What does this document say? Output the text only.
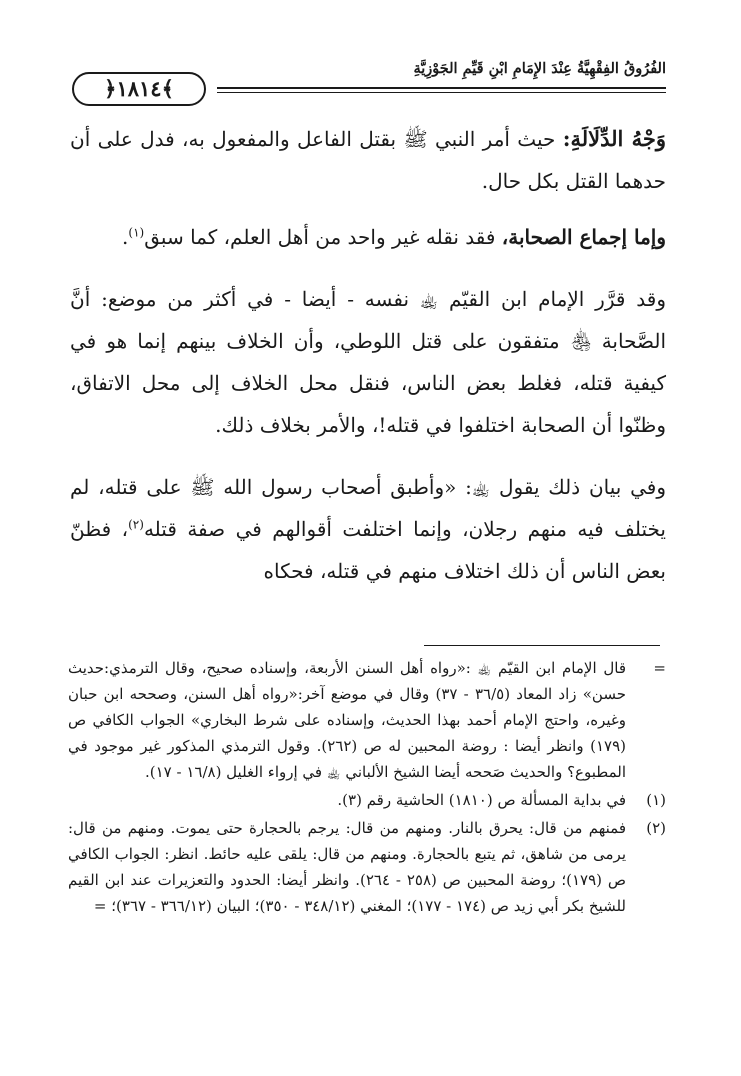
الفُرُوقُ الفِقْهِيَّةُ عِنْدَ الإِمَامِ ابْنِ قَيِّمِ الجَوْزِيَّةِ
﴿١٨١٤﴾

وَجْهُ الدِّلَالَةِ: حيث أمر النبي ﷺ بقتل الفاعل والمفعول به، فدل على أن حدهما القتل بكل حال.

وإما إجماع الصحابة، فقد نقله غير واحد من أهل العلم، كما سبق$^{(١)}$.

وقد قرَّر الإمام ابن القيّم ﵀ نفسه - أيضا - في أكثر من موضع: أنَّ الصَّحابة ﵃ متفقون على قتل اللوطي، وأن الخلاف بينهم إنما هو في كيفية قتله، فغلط بعض الناس، فنقل محل الخلاف إلى محل الاتفاق، وظنّوا أن الصحابة اختلفوا في قتله!، والأمر بخلاف ذلك.

وفي بيان ذلك يقول ﵀: «وأطبق أصحاب رسول الله ﷺ على قتله، لم يختلف فيه منهم رجلان، وإنما اختلفت أقوالهم في صفة قتله$^{(٢)}$، فظنّ بعض الناس أن ذلك اختلاف منهم في قتله، فحكاه

=
قال الإمام ابن القيّم ﵀ :«رواه أهل السنن الأربعة، وإسناده صحيح، وقال الترمذي:حديث حسن» زاد المعاد (٣٦/٥ - ٣٧) وقال في موضع آخر:«رواه أهل السنن، وصححه ابن حبان وغيره، واحتج الإمام أحمد بهذا الحديث، وإسناده على شرط البخاري» الجواب الكافي ص (١٧٩) وانظر أيضا : روضة المحبين له ص (٢٦٢). وقول الترمذي المذكور غير موجود في المطبوع؟ والحديث صَححه أيضا الشيخ الألباني ﵀ في إرواء الغليل (١٦/٨ - ١٧).
(١)
في بداية المسألة ص (١٨١٠) الحاشية رقم (٣).
(٢)
فمنهم من قال: يحرق بالنار. ومنهم من قال: يرجم بالحجارة حتى يموت. ومنهم من قال: يرمى من شاهق، ثم يتبع بالحجارة. ومنهم من قال: يلقى عليه حائط. انظر: الجواب الكافي ص (١٧٩)؛ روضة المحبين ص (٢٥٨ - ٢٦٤). وانظر أيضا: الحدود والتعزيرات عند ابن القيم للشيخ بكر أبي زيد ص (١٧٤ - ١٧٧)؛ المغني (٣٤٨/١٢ - ٣٥٠)؛ البيان (٣٦٦/١٢ - ٣٦٧)؛ =
